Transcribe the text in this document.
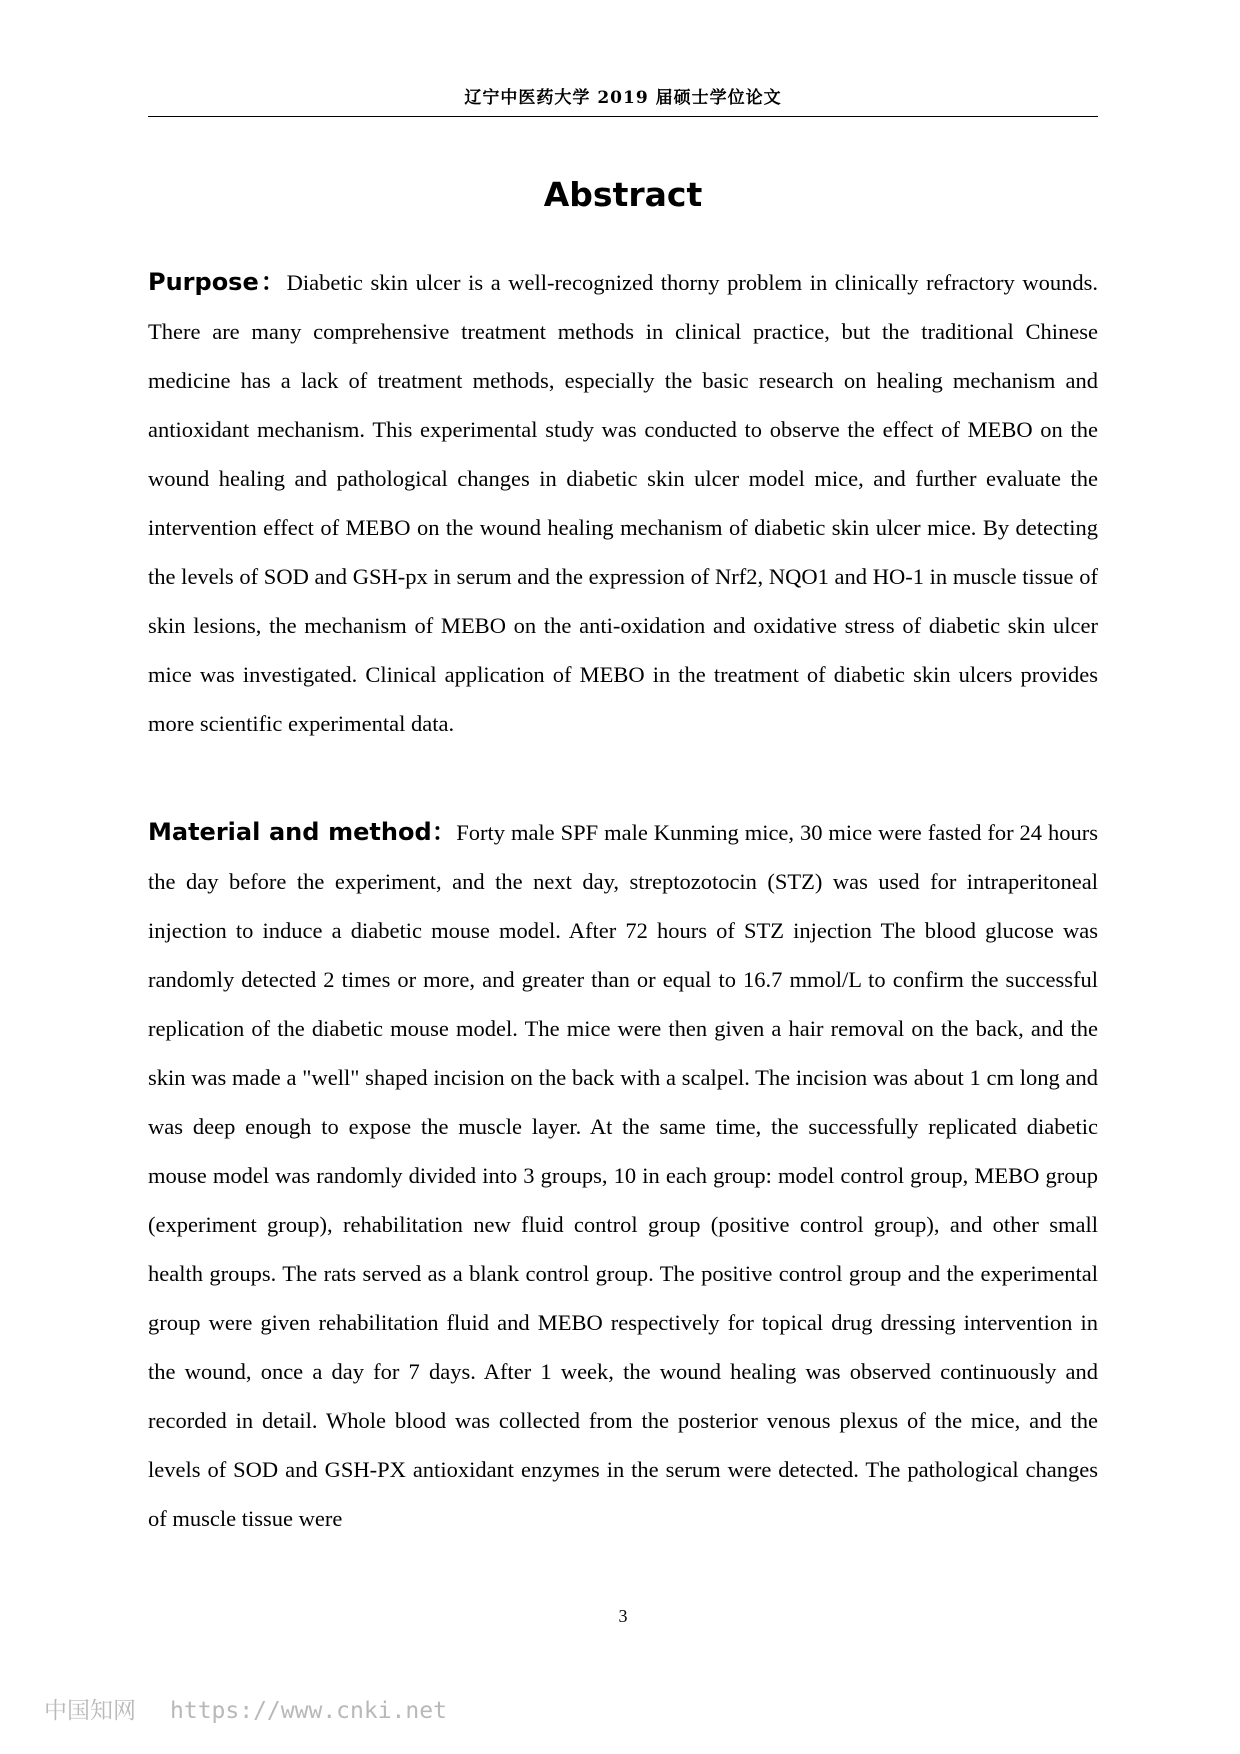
辽宁中医药大学 2019 届硕士学位论文
Abstract

Purpose：Diabetic skin ulcer is a well-recognized thorny problem in clinically refractory wounds. There are many comprehensive treatment methods in clinical practice, but the traditional Chinese medicine has a lack of treatment methods, especially the basic research on healing mechanism and antioxidant mechanism. This experimental study was conducted to observe the effect of MEBO on the wound healing and pathological changes in diabetic skin ulcer model mice, and further evaluate the intervention effect of MEBO on the wound healing mechanism of diabetic skin ulcer mice. By detecting the levels of SOD and GSH-px in serum and the expression of Nrf2, NQO1 and HO-1 in muscle tissue of skin lesions, the mechanism of MEBO on the anti-oxidation and oxidative stress of diabetic skin ulcer mice was investigated. Clinical application of MEBO in the treatment of diabetic skin ulcers provides more scientific experimental data.

Material and method：Forty male SPF male Kunming mice, 30 mice were fasted for 24 hours the day before the experiment, and the next day, streptozotocin (STZ) was used for intraperitoneal injection to induce a diabetic mouse model. After 72 hours of STZ injection The blood glucose was randomly detected 2 times or more, and greater than or equal to 16.7 mmol/L to confirm the successful replication of the diabetic mouse model. The mice were then given a hair removal on the back, and the skin was made a "well" shaped incision on the back with a scalpel. The incision was about 1 cm long and was deep enough to expose the muscle layer. At the same time, the successfully replicated diabetic mouse model was randomly divided into 3 groups, 10 in each group: model control group, MEBO group (experiment group), rehabilitation new fluid control group (positive control group), and other small health groups. The rats served as a blank control group. The positive control group and the experimental group were given rehabilitation fluid and MEBO respectively for topical drug dressing intervention in the wound, once a day for 7 days. After 1 week, the wound healing was observed continuously and recorded in detail. Whole blood was collected from the posterior venous plexus of the mice, and the levels of SOD and GSH-PX antioxidant enzymes in the serum were detected. The pathological changes of muscle tissue were

3
中国知网 https://www.cnki.net
